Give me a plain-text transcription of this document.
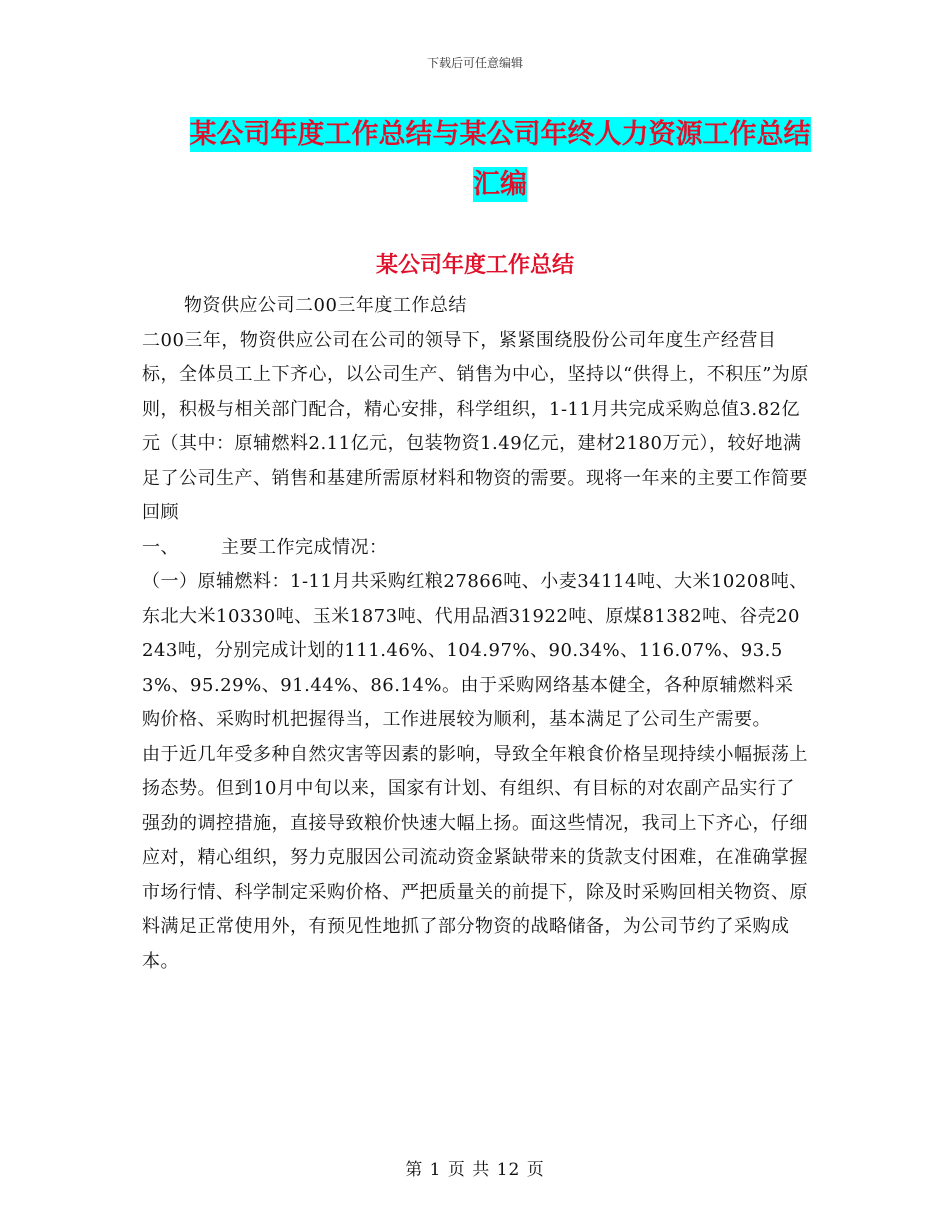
下载后可任意编辑
某公司年度工作总结与某公司年终人力资源工作总结
汇编
某公司年度工作总结

物资供应公司二00三年度工作总结

二00三年，物资供应公司在公司的领导下，紧紧围绕股份公司年度生产经营目标，全体员工上下齐心，以公司生产、销售为中心，坚持以“供得上，不积压”为原则，积极与相关部门配合，精心安排，科学组织，1-11月共完成采购总值3.82亿元（其中：原辅燃料2.11亿元，包装物资1.49亿元，建材2180万元），较好地满足了公司生产、销售和基建所需原材料和物资的需要。现将一年来的主要工作简要回顾

一、 主要工作完成情况：

（一）原辅燃料：1-11月共采购红粮27866吨、小麦34114吨、大米10208吨、东北大米10330吨、玉米1873吨、代用品酒31922吨、原煤81382吨、谷壳20243吨，分别完成计划的111.46%、104.97%、90.34%、116.07%、93.53%、95.29%、91.44%、86.14%。由于采购网络基本健全，各种原辅燃料采购价格、采购时机把握得当，工作进展较为顺利，基本满足了公司生产需要。

由于近几年受多种自然灾害等因素的影响，导致全年粮食价格呈现持续小幅振荡上扬态势。但到10月中旬以来，国家有计划、有组织、有目标的对农副产品实行了强劲的调控措施，直接导致粮价快速大幅上扬。面这些情况，我司上下齐心，仔细应对，精心组织，努力克服因公司流动资金紧缺带来的货款支付困难，在准确掌握市场行情、科学制定采购价格、严把质量关的前提下，除及时采购回相关物资、原料满足正常使用外，有预见性地抓了部分物资的战略储备，为公司节约了采购成本。

第 1 页 共 12 页
